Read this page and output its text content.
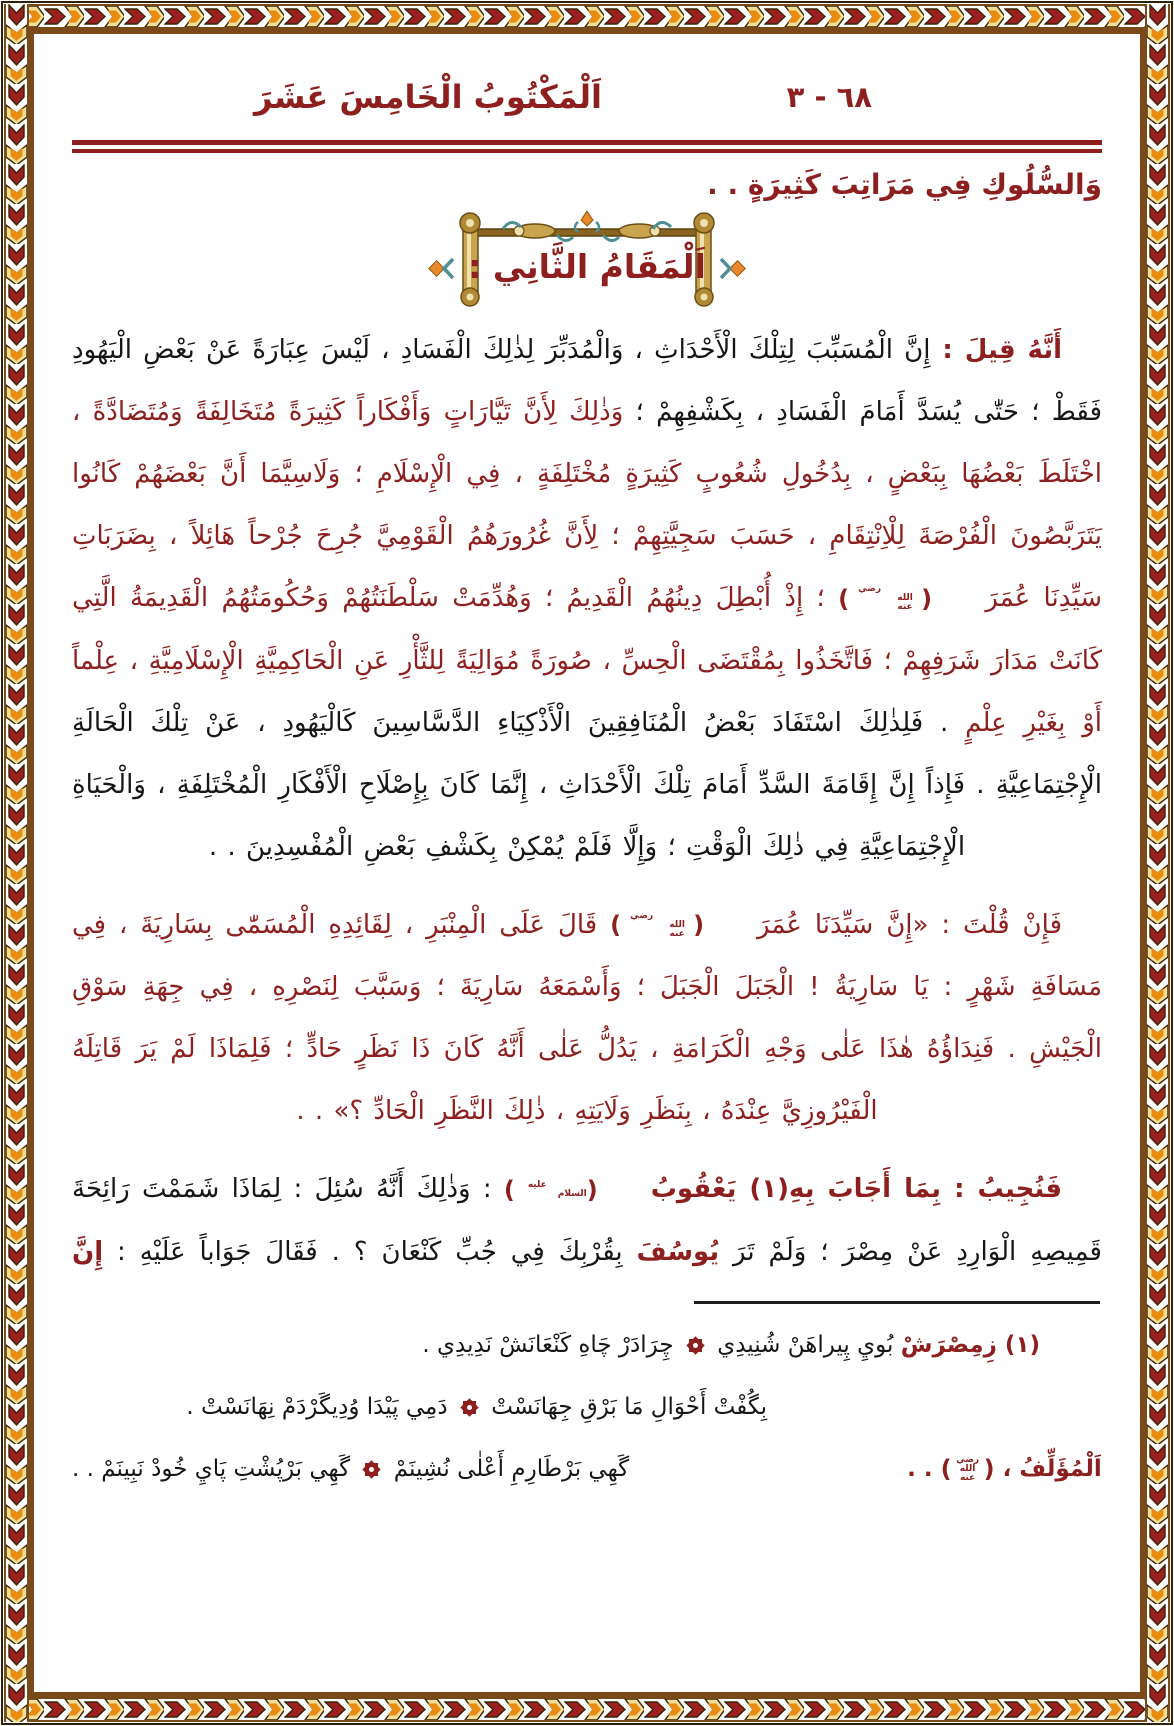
اَلْمَكْتُوبُ الْخَامِسَ عَشَرَ	٦٨ - ٣
وَالسُّلُوكِ فِي مَرَاتِبَ كَثِيرَةٍ . .
اَلْمَقَامُ الثَّانِي :

أَنَّهُ قِيلَ : إِنَّ الْمُسَبِّبَ لِتِلْكَ الْأَحْدَاثِ ، وَالْمُدَبِّرَ لِذٰلِكَ الْفَسَادِ ، لَيْسَ عِبَارَةً عَنْ بَعْضِ الْيَهُودِ فَقَطْ ؛ حَتّٰى يُسَدَّ أَمَامَ الْفَسَادِ ، بِكَشْفِهِمْ ؛ وَذٰلِكَ لِأَنَّ تَيَّارَاتٍ وَأَفْكَاراً كَثِيرَةً مُتَخَالِفَةً وَمُتَضَادَّةً ، اخْتَلَطَ بَعْضُهَا بِبَعْضٍ ، بِدُخُولِ شُعُوبٍ كَثِيرَةٍ مُخْتَلِفَةٍ ، فِي الْإِسْلَامِ ؛ وَلَاسِيَّمَا أَنَّ بَعْضَهُمْ كَانُوا يَتَرَبَّصُونَ الْفُرْصَةَ لِلْاِنْتِقَامِ ، حَسَبَ سَجِيَّتِهِمْ ؛ لِأَنَّ غُرُورَهُمُ الْقَوْمِيَّ جُرِحَ جُرْحاً هَائِلاً ، بِضَرَبَاتِ سَيِّدِنَا عُمَرَ
( رضي الله عنه
) ؛ إِذْ أُبْطِلَ دِينُهُمُ الْقَدِيمُ ؛ وَهُدِّمَتْ سَلْطَنَتُهُمْ وَحُكُومَتُهُمُ الْقَدِيمَةُ الَّتِي كَانَتْ مَدَارَ شَرَفِهِمْ ؛ فَاتَّخَذُوا بِمُقْتَضَى الْحِسِّ ، صُورَةً مُوَالِيَةً لِلثَّأْرِ عَنِ الْحَاكِمِيَّةِ الْإِسْلَامِيَّةِ ، عِلْماً أَوْ بِغَيْرِ عِلْمٍ . فَلِذٰلِكَ اسْتَفَادَ بَعْضُ الْمُنَافِقِينَ الْأَذْكِيَاءِ الدَّسَّاسِينَ كَالْيَهُودِ ، عَنْ تِلْكَ الْحَالَةِ الْإِجْتِمَاعِيَّةِ . فَإِذاً إِنَّ إِقَامَةَ السَّدِّ أَمَامَ تِلْكَ الْأَحْدَاثِ ، إِنَّمَا كَانَ بِإِصْلَاحِ الْأَفْكَارِ الْمُخْتَلِفَةِ ، وَالْحَيَاةِ الْإِجْتِمَاعِيَّةِ فِي ذٰلِكَ الْوَقْتِ ؛ وَإِلَّا فَلَمْ يُمْكِنْ بِكَشْفِ بَعْضِ الْمُفْسِدِينَ . .

فَإِنْ قُلْتَ : «إِنَّ سَيِّدَنَا عُمَرَ
( رضي الله عنه
) قَالَ عَلَى الْمِنْبَرِ ، لِقَائِدِهِ الْمُسَمّٰى بِسَارِيَةَ ، فِي مَسَافَةِ شَهْرٍ : يَا سَارِيَةُ ! الْجَبَلَ الْجَبَلَ ؛ وَأَسْمَعَهُ سَارِيَةَ ؛ وَسَبَّبَ لِنَصْرِهِ ، فِي جِهَةِ سَوْقِ الْجَيْشِ . فَنِدَاؤُهُ هٰذَا عَلٰى وَجْهِ الْكَرَامَةِ ، يَدُلُّ عَلٰى أَنَّهُ كَانَ ذَا نَظَرٍ حَادٍّ ؛ فَلِمَاذَا لَمْ يَرَ قَاتِلَهُ الْفَيْرُوزِيَّ عِنْدَهُ ، بِنَظَرِ وَلَايَتِهِ ، ذٰلِكَ النَّظَرِ الْحَادِّ ؟» . .

فَنُجِيبُ : بِمَا أَجَابَ بِهِ(١) يَعْقُوبُ
( عليه السلام
) : وَذٰلِكَ أَنَّهُ سُئِلَ : لِمَاذَا شَمَمْتَ رَائِحَةَ قَمِيصِهِ الْوَارِدِ عَنْ مِصْرَ ؛ وَلَمْ تَرَ يُوسُفَ بِقُرْبِكَ فِي جُبِّ كَنْعَانَ ؟ . فَقَالَ جَوَاباً عَلَيْهِ : إِنَّ

(١) زِمِصْرَشْ بُويِ پِيراهَنْ شُنِيدِي
چِرَادَرْ چَاهِ كَنْعَانَشْ نَدِيدِي .
بِگُفْتْ أَحْوَالِ مَا بَرْقِ جِهَانَسْتْ
دَمِي پَيْدَا وُدِيگَرْدَمْ نِهَانَسْتْ .
گَهِي بَرْطَارِمِ أَعْلٰى نُشِينَمْ
گَهِي بَرْپُشْتِ پَايِ خُودْ نَبِينَمْ . .	اَلْمُؤَلِّفُ ،
( رضي الله عنه
) . .
